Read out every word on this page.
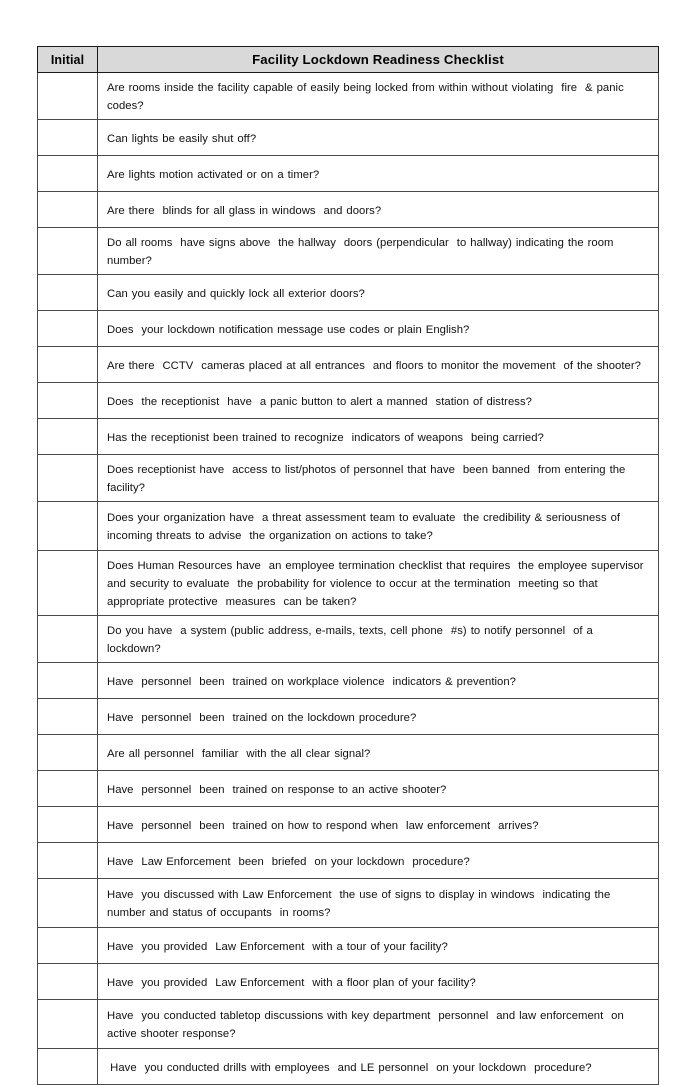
Initial	Facility Lockdown Readiness Checklist
	Are rooms inside the facility capable of easily being locked from within without violating  fire  & panic codes?
	Can lights be easily shut off?
	Are lights motion activated or on a timer?
	Are there  blinds for all glass in windows  and doors?
	Do all rooms  have signs above  the hallway  doors (perpendicular  to hallway) indicating the room  number?
	Can you easily and quickly lock all exterior doors?
	Does  your lockdown notification message use codes or plain English?
	Are there  CCTV  cameras placed at all entrances  and floors to monitor the movement  of the shooter?
	Does  the receptionist  have  a panic button to alert a manned  station of distress?
	Has the receptionist been trained to recognize  indicators of weapons  being carried?
	Does receptionist have  access to list/photos of personnel that have  been banned  from entering the facility?
	Does your organization have  a threat assessment team to evaluate  the credibility & seriousness of incoming threats to advise  the organization on actions to take?
	Does Human Resources have  an employee termination checklist that requires  the employee supervisor  and security to evaluate  the probability for violence to occur at the termination  meeting so that appropriate protective  measures  can be taken?
	Do you have  a system (public address, e-mails, texts, cell phone  #s) to notify personnel  of a lockdown?
	Have  personnel  been  trained on workplace violence  indicators & prevention?
	Have  personnel  been  trained on the lockdown procedure?
	Are all personnel  familiar  with the all clear signal?
	Have  personnel  been  trained on response to an active shooter?
	Have  personnel  been  trained on how to respond when  law enforcement  arrives?
	Have  Law Enforcement  been  briefed  on your lockdown  procedure?
	Have  you discussed with Law Enforcement  the use of signs to display in windows  indicating the number and status of occupants  in rooms?
	Have  you provided  Law Enforcement  with a tour of your facility?
	Have  you provided  Law Enforcement  with a floor plan of your facility?
	Have  you conducted tabletop discussions with key department  personnel  and law enforcement  on active shooter response?
	Have  you conducted drills with employees  and LE personnel  on your lockdown  procedure?
